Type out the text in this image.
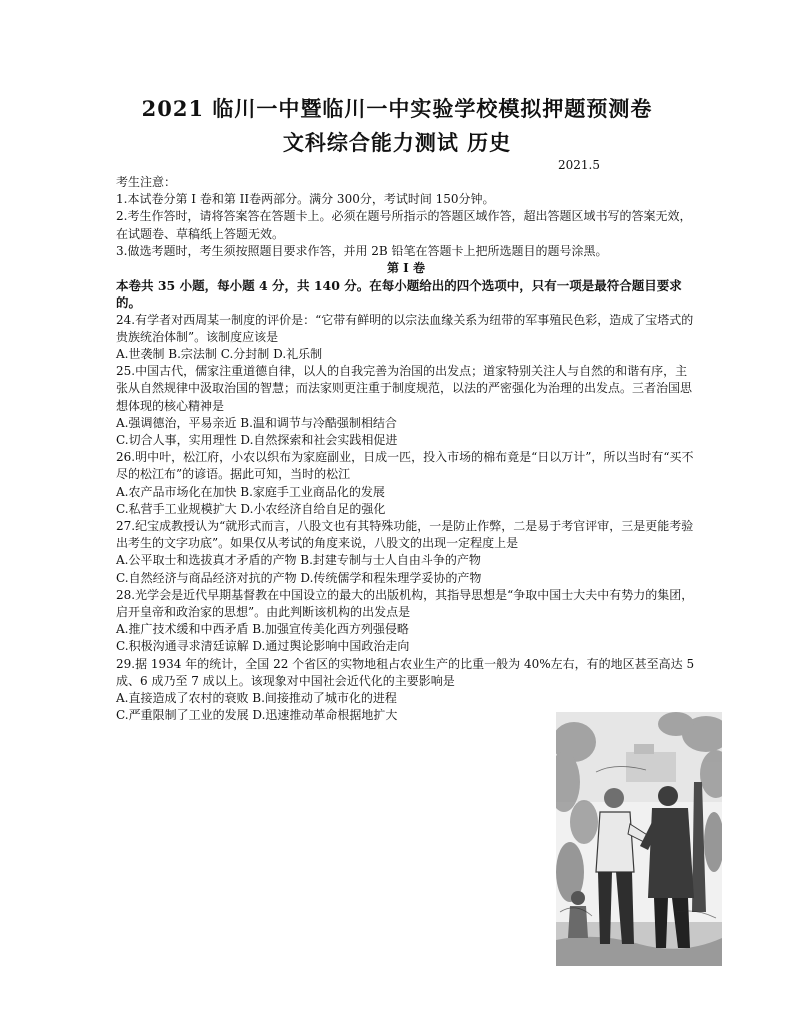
2021 临川一中暨临川一中实验学校模拟押题预测卷
文科综合能力测试 历史
2021.5

考生注意：

1.本试卷分第 I 卷和第 II卷两部分。满分 300分，考试时间 150分钟。

2.考生作答时，请将答案答在答题卡上。必须在题号所指示的答题区域作答，超出答题区域书写的答案无效，在试题卷、草稿纸上答题无效。

3.做选考题时，考生须按照题目要求作答，并用 2B 铅笔在答题卡上把所选题目的题号涂黑。

第 I 卷

本卷共 35 小题，每小题 4 分，共 140 分。在每小题给出的四个选项中，只有一项是最符合题目要求的。

24.有学者对西周某一制度的评价是：“它带有鲜明的以宗法血缘关系为纽带的军事殖民色彩，造成了宝塔式的贵族统治体制”。该制度应该是

A.世袭制 B.宗法制 C.分封制 D.礼乐制

25.中国古代，儒家注重道德自律，以人的自我完善为治国的出发点；道家特别关注人与自然的和谐有序，主张从自然规律中汲取治国的智慧；而法家则更注重于制度规范，以法的严密强化为治理的出发点。三者治国思想体现的核心精神是

A.强调德治，平易亲近 B.温和调节与冷酷强制相结合

C.切合人事，实用理性 D.自然探索和社会实践相促进

26.明中叶，松江府，小农以织布为家庭副业，日成一匹，投入市场的棉布竟是“日以万计”，所以当时有“买不尽的松江布”的谚语。据此可知，当时的松江

A.农产品市场化在加快 B.家庭手工业商品化的发展

C.私营手工业规模扩大 D.小农经济自给自足的强化

27.纪宝成教授认为“就形式而言，八股文也有其特殊功能，一是防止作弊，二是易于考官评审，三是更能考验出考生的文字功底”。如果仅从考试的角度来说，八股文的出现一定程度上是

A.公平取士和选拔真才矛盾的产物 B.封建专制与士人自由斗争的产物

C.自然经济与商品经济对抗的产物 D.传统儒学和程朱理学妥协的产物

28.光学会是近代早期基督教在中国设立的最大的出版机构，其指导思想是“争取中国士大夫中有势力的集团，启开皇帝和政治家的思想”。由此判断该机构的出发点是

A.推广技术缓和中西矛盾 B.加强宣传美化西方列强侵略

C.积极沟通寻求清廷谅解 D.通过舆论影响中国政治走向

29.据 1934 年的统计，全国 22 个省区的实物地租占农业生产的比重一般为 40%左右，有的地区甚至高达 5 成、6 成乃至 7 成以上。该现象对中国社会近代化的主要影响是

A.直接造成了农村的衰败 B.间接推动了城市化的进程

C.严重限制了工业的发展 D.迅速推动革命根据地扩大
